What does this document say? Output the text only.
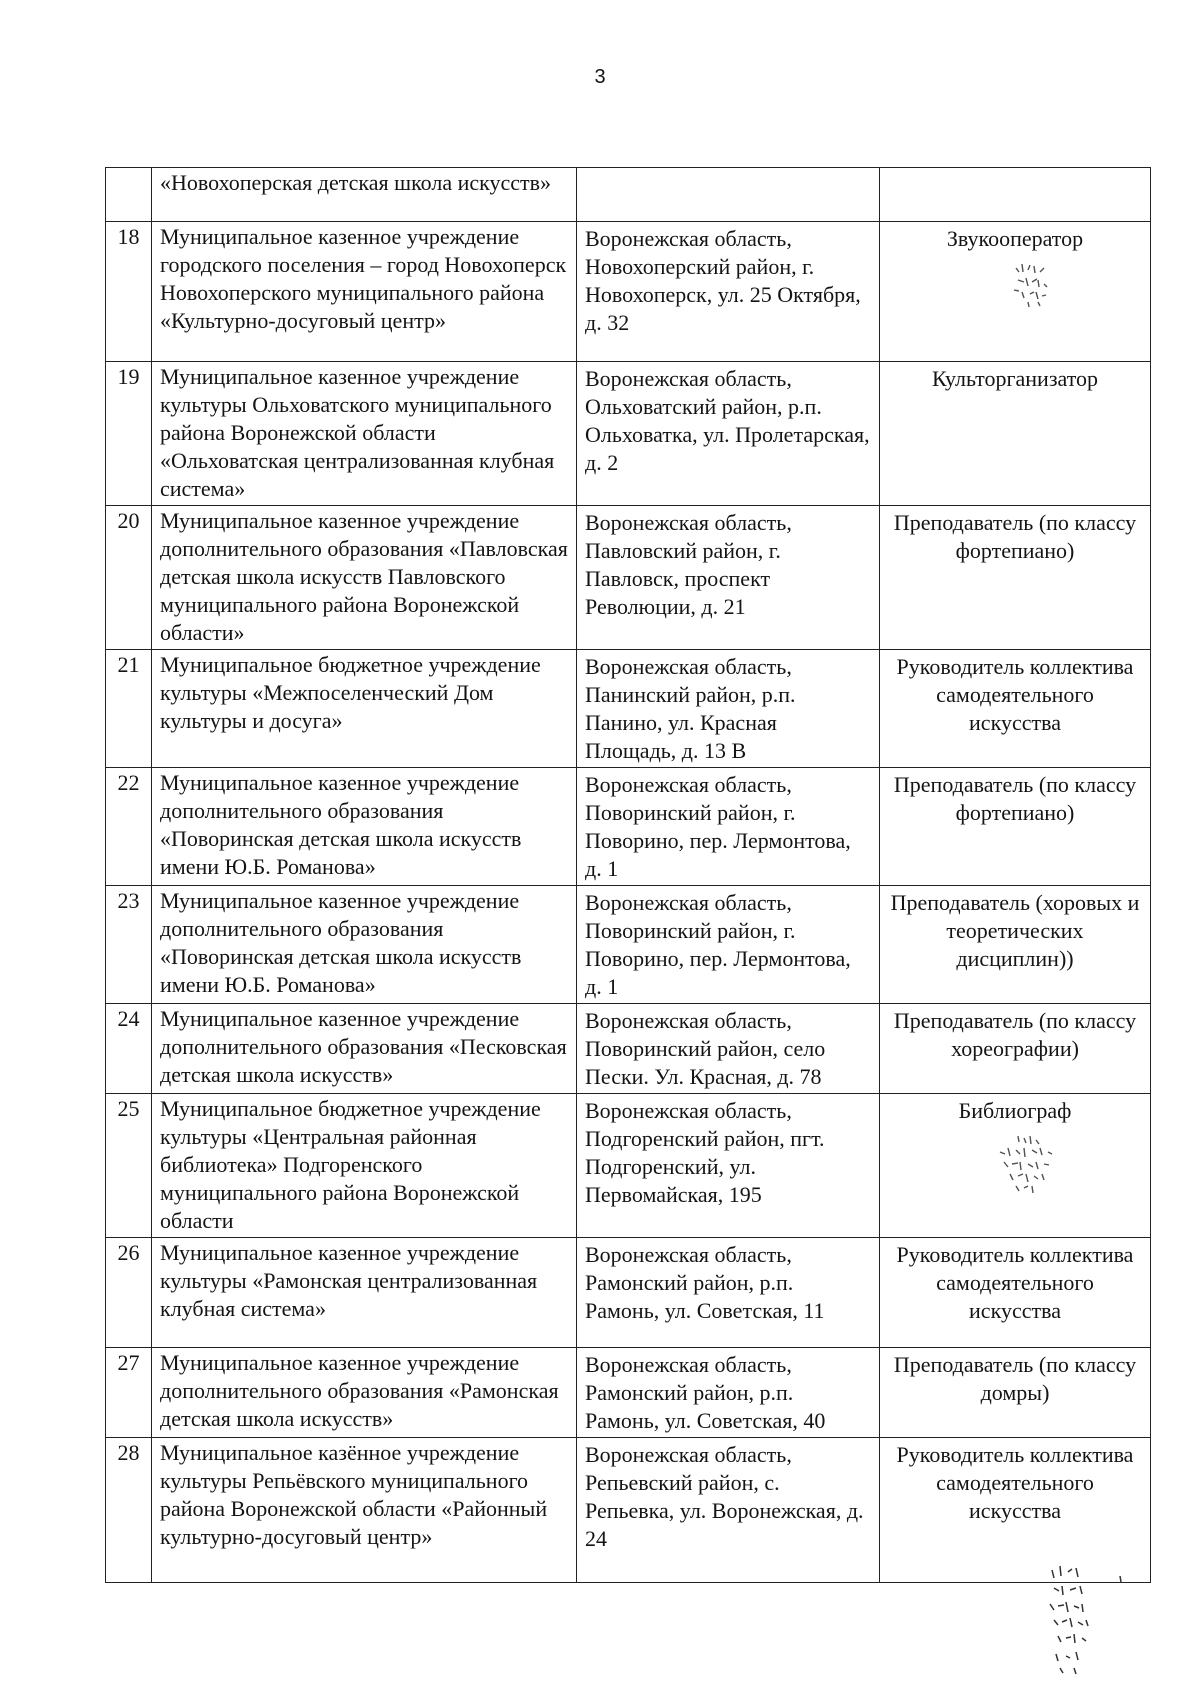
3
	«Новохоперская детская школа искусств»		
18	Муниципальное казенное учреждение городского поселения – город Новохоперск Новохоперского муниципального района «Культурно-досуговый центр»	Воронежская область, Новохоперский район, г. Новохоперск, ул. 25 Октября, д. 32	Звукооператор

19	Муниципальное казенное учреждение культуры Ольховатского муниципального района Воронежской области «Ольховатская централизованная клубная система»	Воронежская область, Ольховатский район, р.п. Ольховатка, ул. Пролетарская, д. 2	Культорганизатор
20	Муниципальное казенное учреждение дополнительного образования «Павловская детская школа искусств Павловского муниципального района Воронежской области»	Воронежская область, Павловский район, г. Павловск, проспект Революции, д. 21	Преподаватель (по классу фортепиано)
21	Муниципальное бюджетное учреждение культуры «Межпоселенческий Дом культуры и досуга»	Воронежская область, Панинский район, р.п. Панино, ул. Красная Площадь, д. 13 В	Руководитель коллектива самодеятельного искусства
22	Муниципальное казенное учреждение дополнительного образования «Поворинская детская школа искусств имени Ю.Б. Романова»	Воронежская область, Поворинский район, г. Поворино, пер. Лермонтова, д. 1	Преподаватель (по классу фортепиано)
23	Муниципальное казенное учреждение дополнительного образования «Поворинская детская школа искусств имени Ю.Б. Романова»	Воронежская область, Поворинский район, г. Поворино, пер. Лермонтова, д. 1	Преподаватель (хоровых и теоретических дисциплин))
24	Муниципальное казенное учреждение дополнительного образования «Песковская детская школа искусств»	Воронежская область, Поворинский район, село Пески. Ул. Красная, д. 78	Преподаватель (по классу хореографии)
25	Муниципальное бюджетное учреждение культуры «Центральная районная библиотека» Подгоренского муниципального района Воронежской области	Воронежская область, Подгоренский район, пгт. Подгоренский, ул. Первомайская, 195	Библиограф

26	Муниципальное казенное учреждение культуры «Рамонская централизованная клубная система»	Воронежская область, Рамонский район, р.п. Рамонь, ул. Советская, 11	Руководитель коллектива самодеятельного искусства
27	Муниципальное казенное учреждение дополнительного образования «Рамонская детская школа искусств»	Воронежская область, Рамонский район, р.п. Рамонь, ул. Советская, 40	Преподаватель (по классу домры)
28	Муниципальное казённое учреждение культуры Репьёвского муниципального района Воронежской области «Районный культурно-досуговый центр»	Воронежская область, Репьевский район, с. Репьевка, ул. Воронежская, д. 24	Руководитель коллектива самодеятельного искусства
